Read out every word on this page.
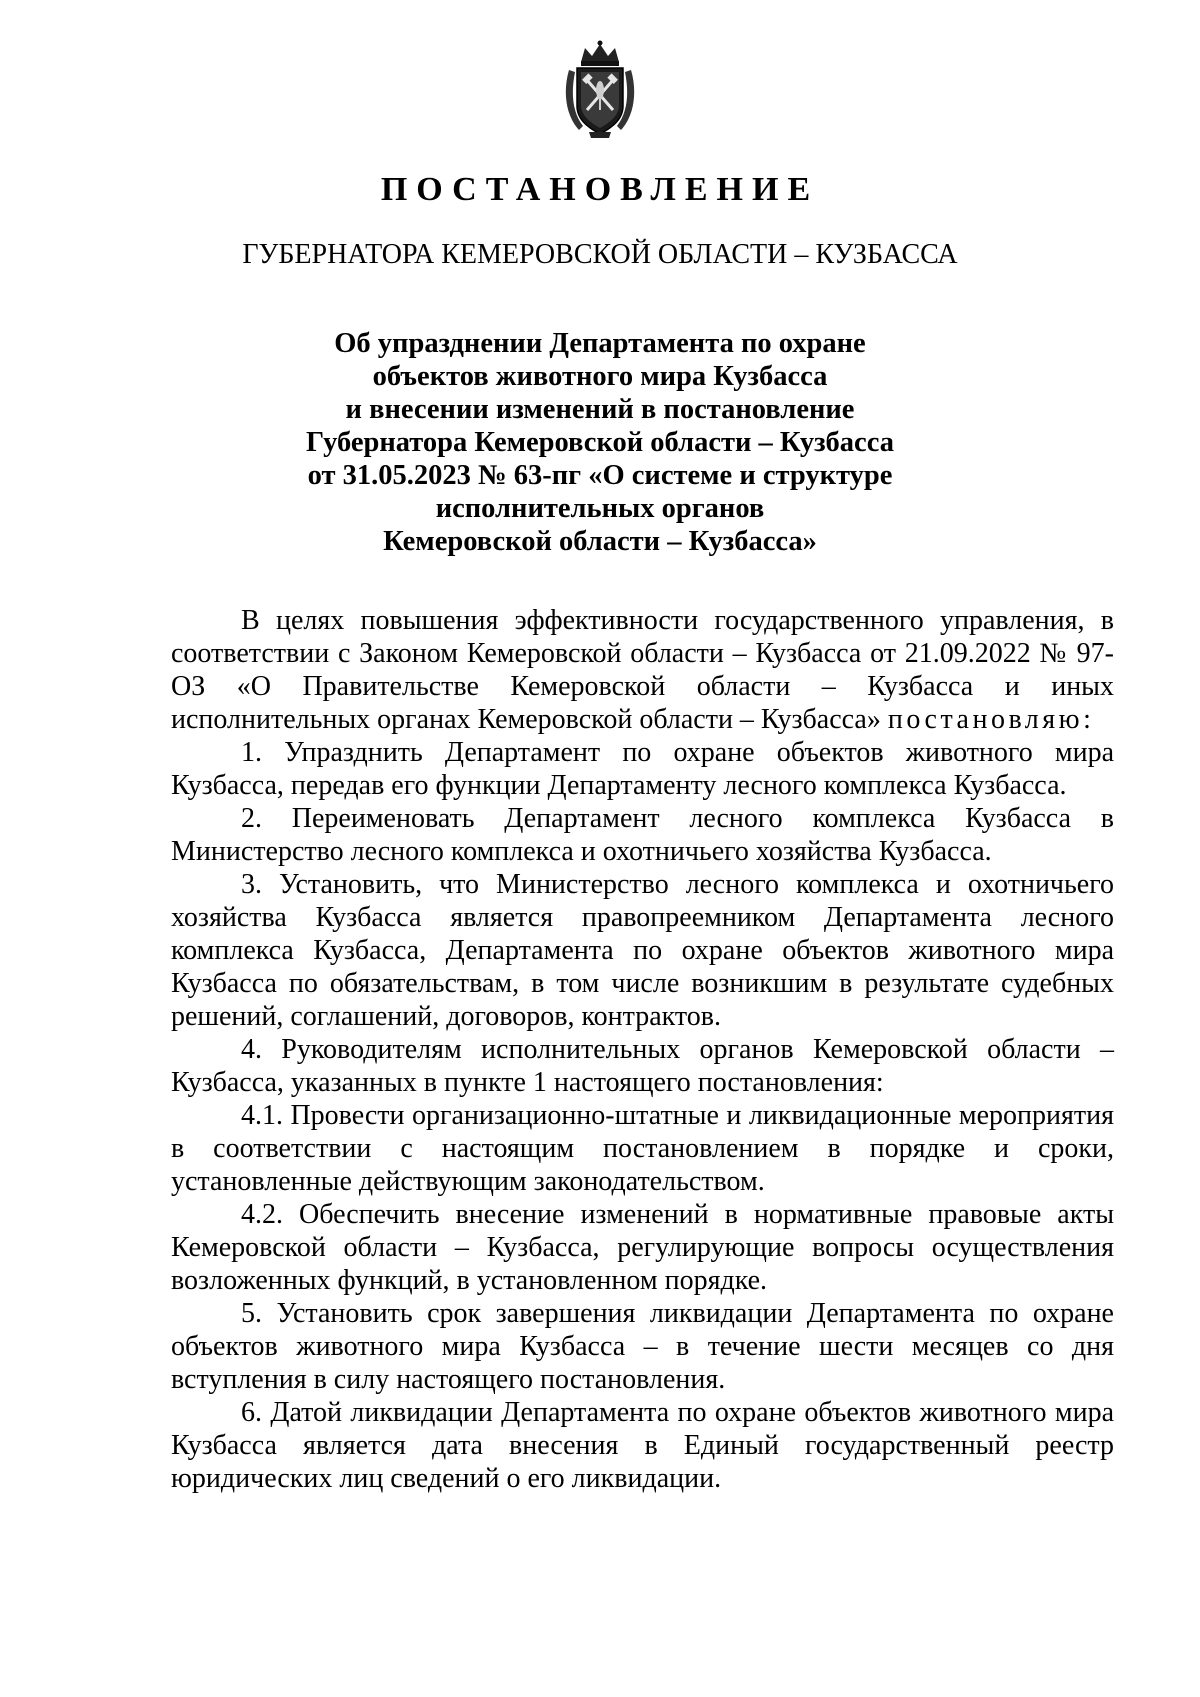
ПОСТАНОВЛЕНИЕ
ГУБЕРНАТОРА КЕМЕРОВСКОЙ ОБЛАСТИ – КУЗБАССА
Об упразднении Департамента по охране
объектов животного мира Кузбасса
и внесении изменений в постановление
Губернатора Кемеровской области – Кузбасса
от 31.05.2023 № 63-пг «О системе и структуре
исполнительных органов
Кемеровской области – Кузбасса»

В целях повышения эффективности государственного управления, в соответствии с Законом Кемеровской области – Кузбасса от 21.09.2022 № 97-ОЗ «О Правительстве Кемеровской области – Кузбасса и иных исполнительных органах Кемеровской области – Кузбасса» постановляю:

1. Упразднить Департамент по охране объектов животного мира Кузбасса, передав его функции Департаменту лесного комплекса Кузбасса.

2. Переименовать Департамент лесного комплекса Кузбасса в Министерство лесного комплекса и охотничьего хозяйства Кузбасса.

3. Установить, что Министерство лесного комплекса и охотничьего хозяйства Кузбасса является правопреемником Департамента лесного комплекса Кузбасса, Департамента по охране объектов животного мира Кузбасса по обязательствам, в том числе возникшим в результате судебных решений, соглашений, договоров, контрактов.

4. Руководителям исполнительных органов Кемеровской области – Кузбасса, указанных в пункте 1 настоящего постановления:

4.1. Провести организационно-штатные и ликвидационные мероприятия в соответствии с настоящим постановлением в порядке и сроки, установленные действующим законодательством.

4.2. Обеспечить внесение изменений в нормативные правовые акты Кемеровской области – Кузбасса, регулирующие вопросы осуществления возложенных функций, в установленном порядке.

5. Установить срок завершения ликвидации Департамента по охране объектов животного мира Кузбасса – в течение шести месяцев со дня вступления в силу настоящего постановления.

6. Датой ликвидации Департамента по охране объектов животного мира Кузбасса является дата внесения в Единый государственный реестр юридических лиц сведений о его ликвидации.
